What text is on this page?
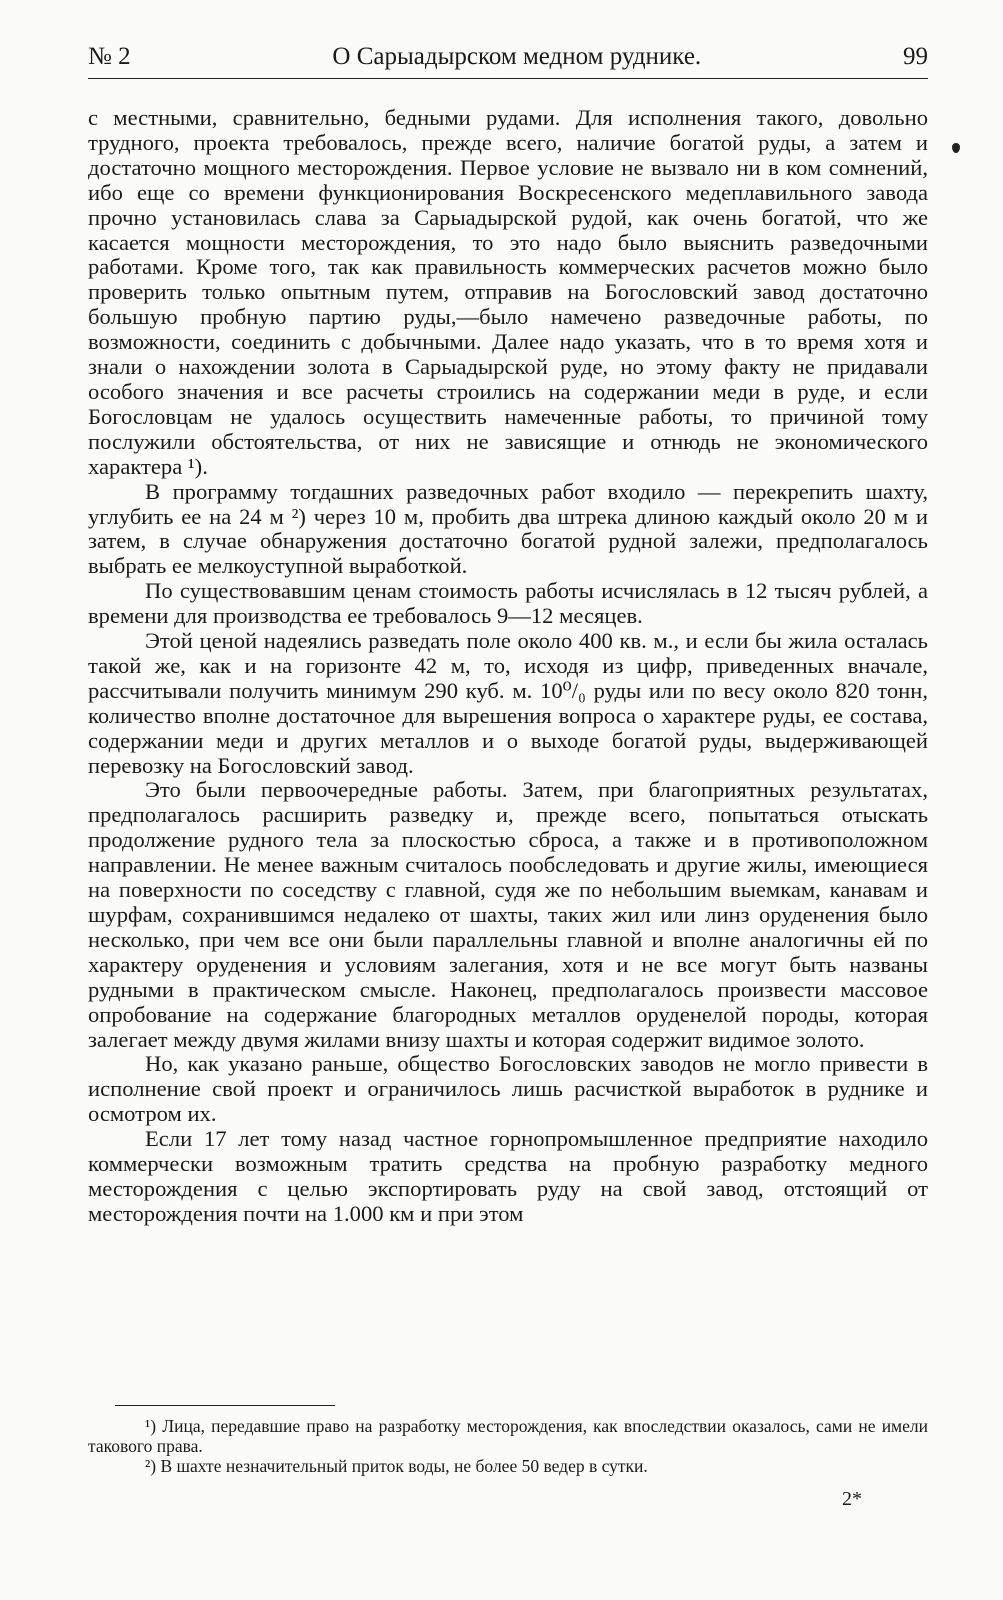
№ 2	О Сарыадырском медном руднике.	99

с местными, сравнительно, бедными рудами. Для исполнения такого, довольно трудного, проекта требовалось, прежде всего, наличие богатой руды, а затем и достаточно мощного месторождения. Первое условие не вызвало ни в ком сомнений, ибо еще со времени функционирования Воскресенского медеплавильного завода прочно установилась слава за Сарыадырской рудой, как очень богатой, что же касается мощности месторождения, то это надо было выяснить разведочными работами. Кроме того, так как правильность коммерческих расчетов можно было проверить только опытным путем, отправив на Богословский завод достаточно большую пробную партию руды,—было намечено разведочные работы, по возможности, соединить с добычными. Далее надо указать, что в то время хотя и знали о нахождении золота в Сарыадырской руде, но этому факту не придавали особого значения и все расчеты строились на содержании меди в руде, и если Богословцам не удалось осуществить намеченные работы, то причиной тому послужили обстоятельства, от них не зависящие и отнюдь не экономического характера ¹).

В программу тогдашних разведочных работ входило — перекрепить шахту, углубить ее на 24 м ²) через 10 м, пробить два штрека длиною каждый около 20 м и затем, в случае обнаружения достаточно богатой рудной залежи, предполагалось выбрать ее мелкоуступной выработкой.

По существовавшим ценам стоимость работы исчислялась в 12 тысяч рублей, а времени для производства ее требовалось 9—12 месяцев.

Этой ценой надеялись разведать поле около 400 кв. м., и если бы жила осталась такой же, как и на горизонте 42 м, то, исходя из цифр, приведенных вначале, рассчитывали получить минимум 290 куб. м. 10⁰/₀ руды или по весу около 820 тонн, количество вполне достаточное для вырешения вопроса о характере руды, ее состава, содержании меди и других металлов и о выходе богатой руды, выдерживающей перевозку на Богословский завод.

Это были первоочередные работы. Затем, при благоприятных результатах, предполагалось расширить разведку и, прежде всего, попытаться отыскать продолжение рудного тела за плоскостью сброса, а также и в противоположном направлении. Не менее важным считалось пообследовать и другие жилы, имеющиеся на поверхности по соседству с главной, судя же по небольшим выемкам, канавам и шурфам, сохранившимся недалеко от шахты, таких жил или линз оруденения было несколько, при чем все они были параллельны главной и вполне аналогичны ей по характеру оруденения и условиям залегания, хотя и не все могут быть названы рудными в практическом смысле. Наконец, предполагалось произвести массовое опробование на содержание благородных металлов оруденелой породы, которая залегает между двумя жилами внизу шахты и которая содержит видимое золото.

Но, как указано раньше, общество Богословских заводов не могло привести в исполнение свой проект и ограничилось лишь расчисткой выработок в руднике и осмотром их.

Если 17 лет тому назад частное горнопромышленное предприятие находило коммерчески возможным тратить средства на пробную разработку медного месторождения с целью экспортировать руду на свой завод, отстоящий от месторождения почти на 1.000 км и при этом

¹) Лица, передавшие право на разработку месторождения, как впоследствии оказалось, сами не имели такового права.

²) В шахте незначительный приток воды, не более 50 ведер в сутки.

2*
